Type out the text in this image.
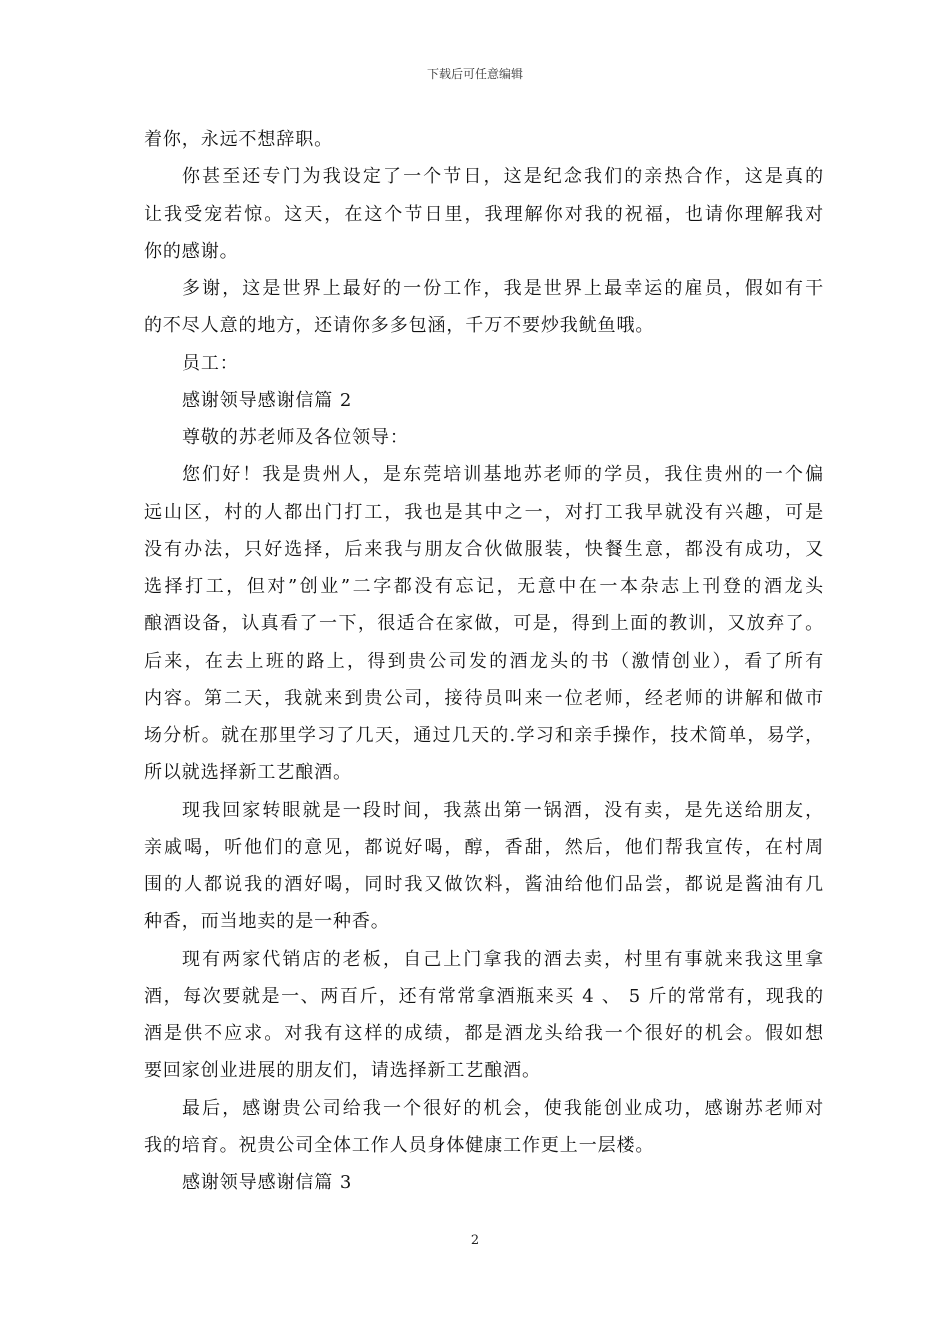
下载后可任意编辑
着你，永远不想辞职。
你甚至还专门为我设定了一个节日，这是纪念我们的亲热合作，这是真的
让我受宠若惊。这天，在这个节日里，我理解你对我的祝福，也请你理解我对
你的感谢。
多谢，这是世界上最好的一份工作，我是世界上最幸运的雇员，假如有干
的不尽人意的地方，还请你多多包涵，千万不要炒我鱿鱼哦。
员工：
感谢领导感谢信篇 2
尊敬的苏老师及各位领导：
您们好！我是贵州人，是东莞培训基地苏老师的学员，我住贵州的一个偏
远山区，村的人都出门打工，我也是其中之一，对打工我早就没有兴趣，可是
没有办法，只好选择，后来我与朋友合伙做服装，快餐生意，都没有成功，又
选择打工，但对”创业”二字都没有忘记，无意中在一本杂志上刊登的酒龙头
酿酒设备，认真看了一下，很适合在家做，可是，得到上面的教训，又放弃了。
后来，在去上班的路上，得到贵公司发的酒龙头的书（激情创业），看了所有
内容。第二天，我就来到贵公司，接待员叫来一位老师，经老师的讲解和做市
场分析。就在那里学习了几天，通过几天的.学习和亲手操作，技术简单，易学，
所以就选择新工艺酿酒。
现我回家转眼就是一段时间，我蒸出第一锅酒，没有卖，是先送给朋友，
亲戚喝，听他们的意见，都说好喝，醇，香甜，然后，他们帮我宣传，在村周
围的人都说我的酒好喝，同时我又做饮料，酱油给他们品尝，都说是酱油有几
种香，而当地卖的是一种香。
现有两家代销店的老板，自己上门拿我的酒去卖，村里有事就来我这里拿
酒，每次要就是一、两百斤，还有常常拿酒瓶来买 4 、 5 斤的常常有，现我的
酒是供不应求。对我有这样的成绩，都是酒龙头给我一个很好的机会。假如想
要回家创业进展的朋友们，请选择新工艺酿酒。
最后，感谢贵公司给我一个很好的机会，使我能创业成功，感谢苏老师对
我的培育。祝贵公司全体工作人员身体健康工作更上一层楼。
感谢领导感谢信篇 3
2
